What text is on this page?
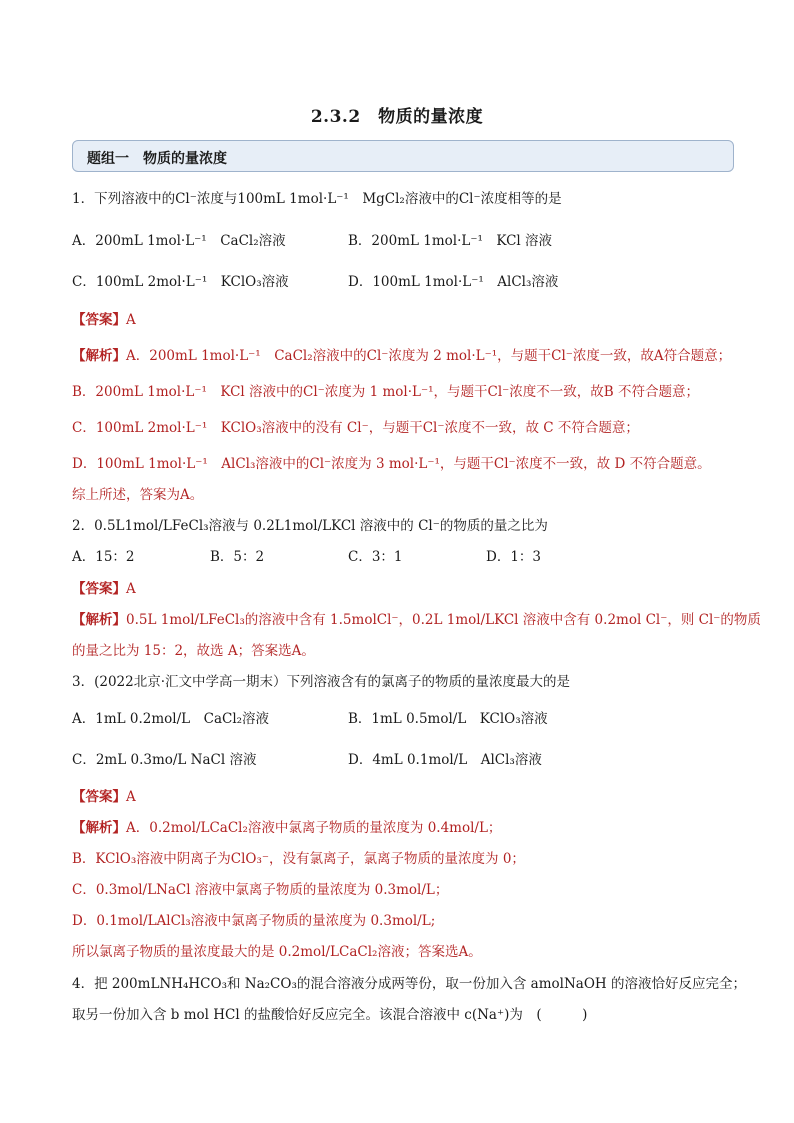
2.3.2　物质的量浓度
题组一　物质的量浓度
1．下列溶液中的Cl⁻浓度与100mL 1mol·L⁻¹　MgCl₂溶液中的Cl⁻浓度相等的是
A．200mL 1mol·L⁻¹　CaCl₂溶液	B．200mL 1mol·L⁻¹　KCl 溶液
C．100mL 2mol·L⁻¹　KClO₃溶液	D．100mL 1mol·L⁻¹　AlCl₃溶液
【答案】A
【解析】A．200mL 1mol·L⁻¹　CaCl₂溶液中的Cl⁻浓度为 2 mol·L⁻¹，与题干Cl⁻浓度一致，故A符合题意；
B．200mL 1mol·L⁻¹　KCl 溶液中的Cl⁻浓度为 1 mol·L⁻¹，与题干Cl⁻浓度不一致，故B 不符合题意；
C．100mL 2mol·L⁻¹　KClO₃溶液中的没有 Cl⁻，与题干Cl⁻浓度不一致，故 C 不符合题意；
D．100mL 1mol·L⁻¹　AlCl₃溶液中的Cl⁻浓度为 3 mol·L⁻¹，与题干Cl⁻浓度不一致，故 D 不符合题意。
综上所述，答案为A。
2．0.5L1mol/LFeCl₃溶液与 0.2L1mol/LKCl 溶液中的 Cl⁻的物质的量之比为
A．15：2	B．5：2	C．3：1	D．1：3
【答案】A
【解析】0.5L 1mol/LFeCl₃的溶液中含有 1.5molCl⁻，0.2L 1mol/LKCl 溶液中含有 0.2mol Cl⁻，则 Cl⁻的物质
的量之比为 15：2，故选 A；答案选A。
3．(2022北京·汇文中学高一期末）下列溶液含有的氯离子的物质的量浓度最大的是
A．1mL 0.2mol/L　CaCl₂溶液	B．1mL 0.5mol/L　KClO₃溶液
C．2mL 0.3mo/L NaCl 溶液	D．4mL 0.1mol/L　AlCl₃溶液
【答案】A
【解析】A．0.2mol/LCaCl₂溶液中氯离子物质的量浓度为 0.4mol/L；
B．KClO₃溶液中阴离子为ClO₃⁻，没有氯离子，氯离子物质的量浓度为 0；
C．0.3mol/LNaCl 溶液中氯离子物质的量浓度为 0.3mol/L；
D．0.1mol/LAlCl₃溶液中氯离子物质的量浓度为 0.3mol/L;
所以氯离子物质的量浓度最大的是 0.2mol/LCaCl₂溶液；答案选A。
4．把 200mLNH₄HCO₃和 Na₂CO₃的混合溶液分成两等份，取一份加入含 amolNaOH 的溶液恰好反应完全；
取另一份加入含 b mol HCl 的盐酸恰好反应完全。该混合溶液中 c(Na⁺)为　(　　　)
